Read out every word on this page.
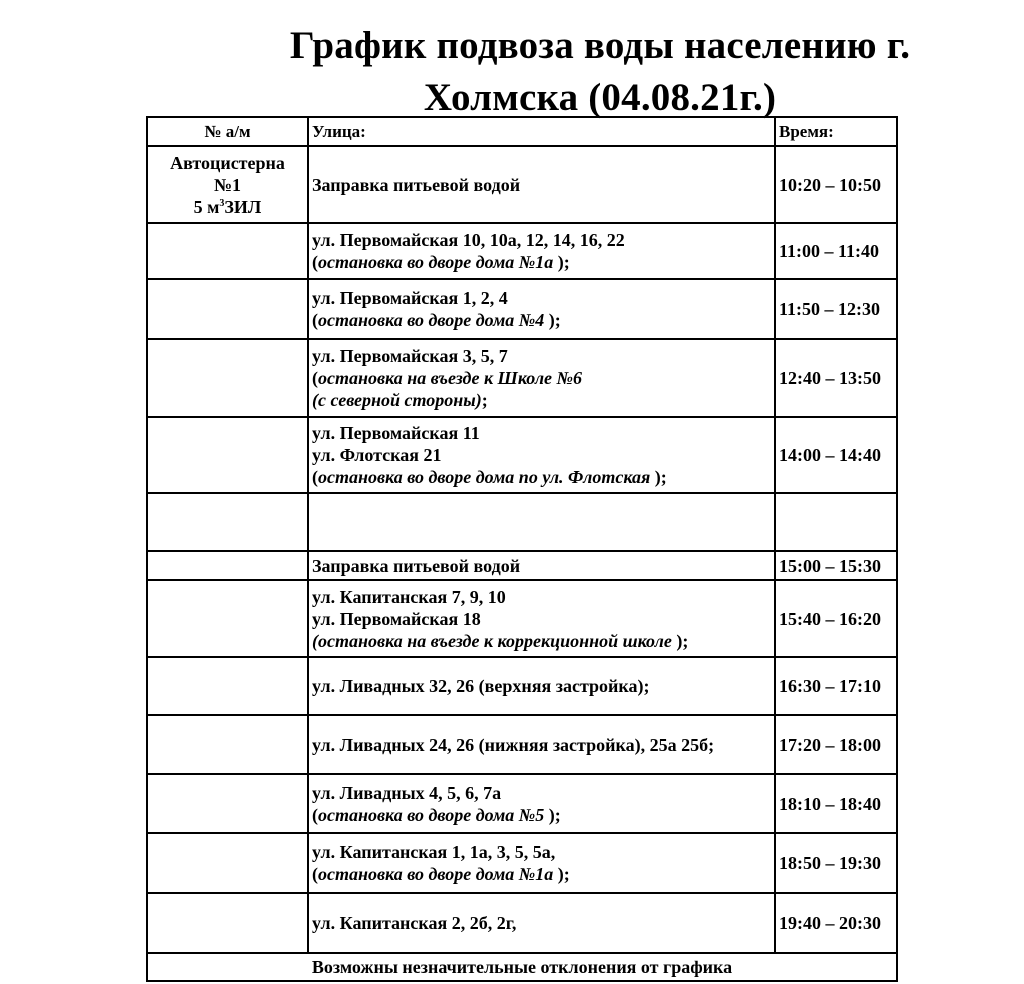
График подвоза воды населению г.
Холмска (04.08.21г.)
№ а/м	Улица:	Время:

Автоцистерна
№1
5 $м^3ЗИЛ$	Заправка питьевой водой	10:20 – 10:50

	ул. Первомайская 10, 10а, 12, 14, 16, 22
(остановка во дворе дома №1а );	11:00 – 11:40

	ул. Первомайская 1, 2, 4
(остановка во дворе дома №4 );	11:50 – 12:30

	ул. Первомайская 3, 5, 7
(остановка на въезде к Школе №6
(с северной стороны);	12:40 – 13:50

	ул. Первомайская 11
ул. Флотская 21
(остановка во дворе дома по ул. Флотская );	14:00 – 14:40

	Заправка питьевой водой	15:00 – 15:30

	ул. Капитанская 7, 9, 10
ул. Первомайская 18
(остановка на въезде к коррекционной школе );	15:40 – 16:20

	ул. Ливадных 32, 26 (верхняя застройка);	16:30 – 17:10

	ул. Ливадных 24, 26 (нижняя застройка), 25а 25б;	17:20 – 18:00

	ул. Ливадных 4, 5, 6, 7а
(остановка во дворе дома №5 );	18:10 – 18:40

	ул. Капитанская 1, 1а, 3, 5, 5а,
(остановка во дворе дома №1а );	18:50 – 19:30

	ул. Капитанская 2, 2б, 2г,	19:40 – 20:30
Возможны незначительные отклонения от графика		
